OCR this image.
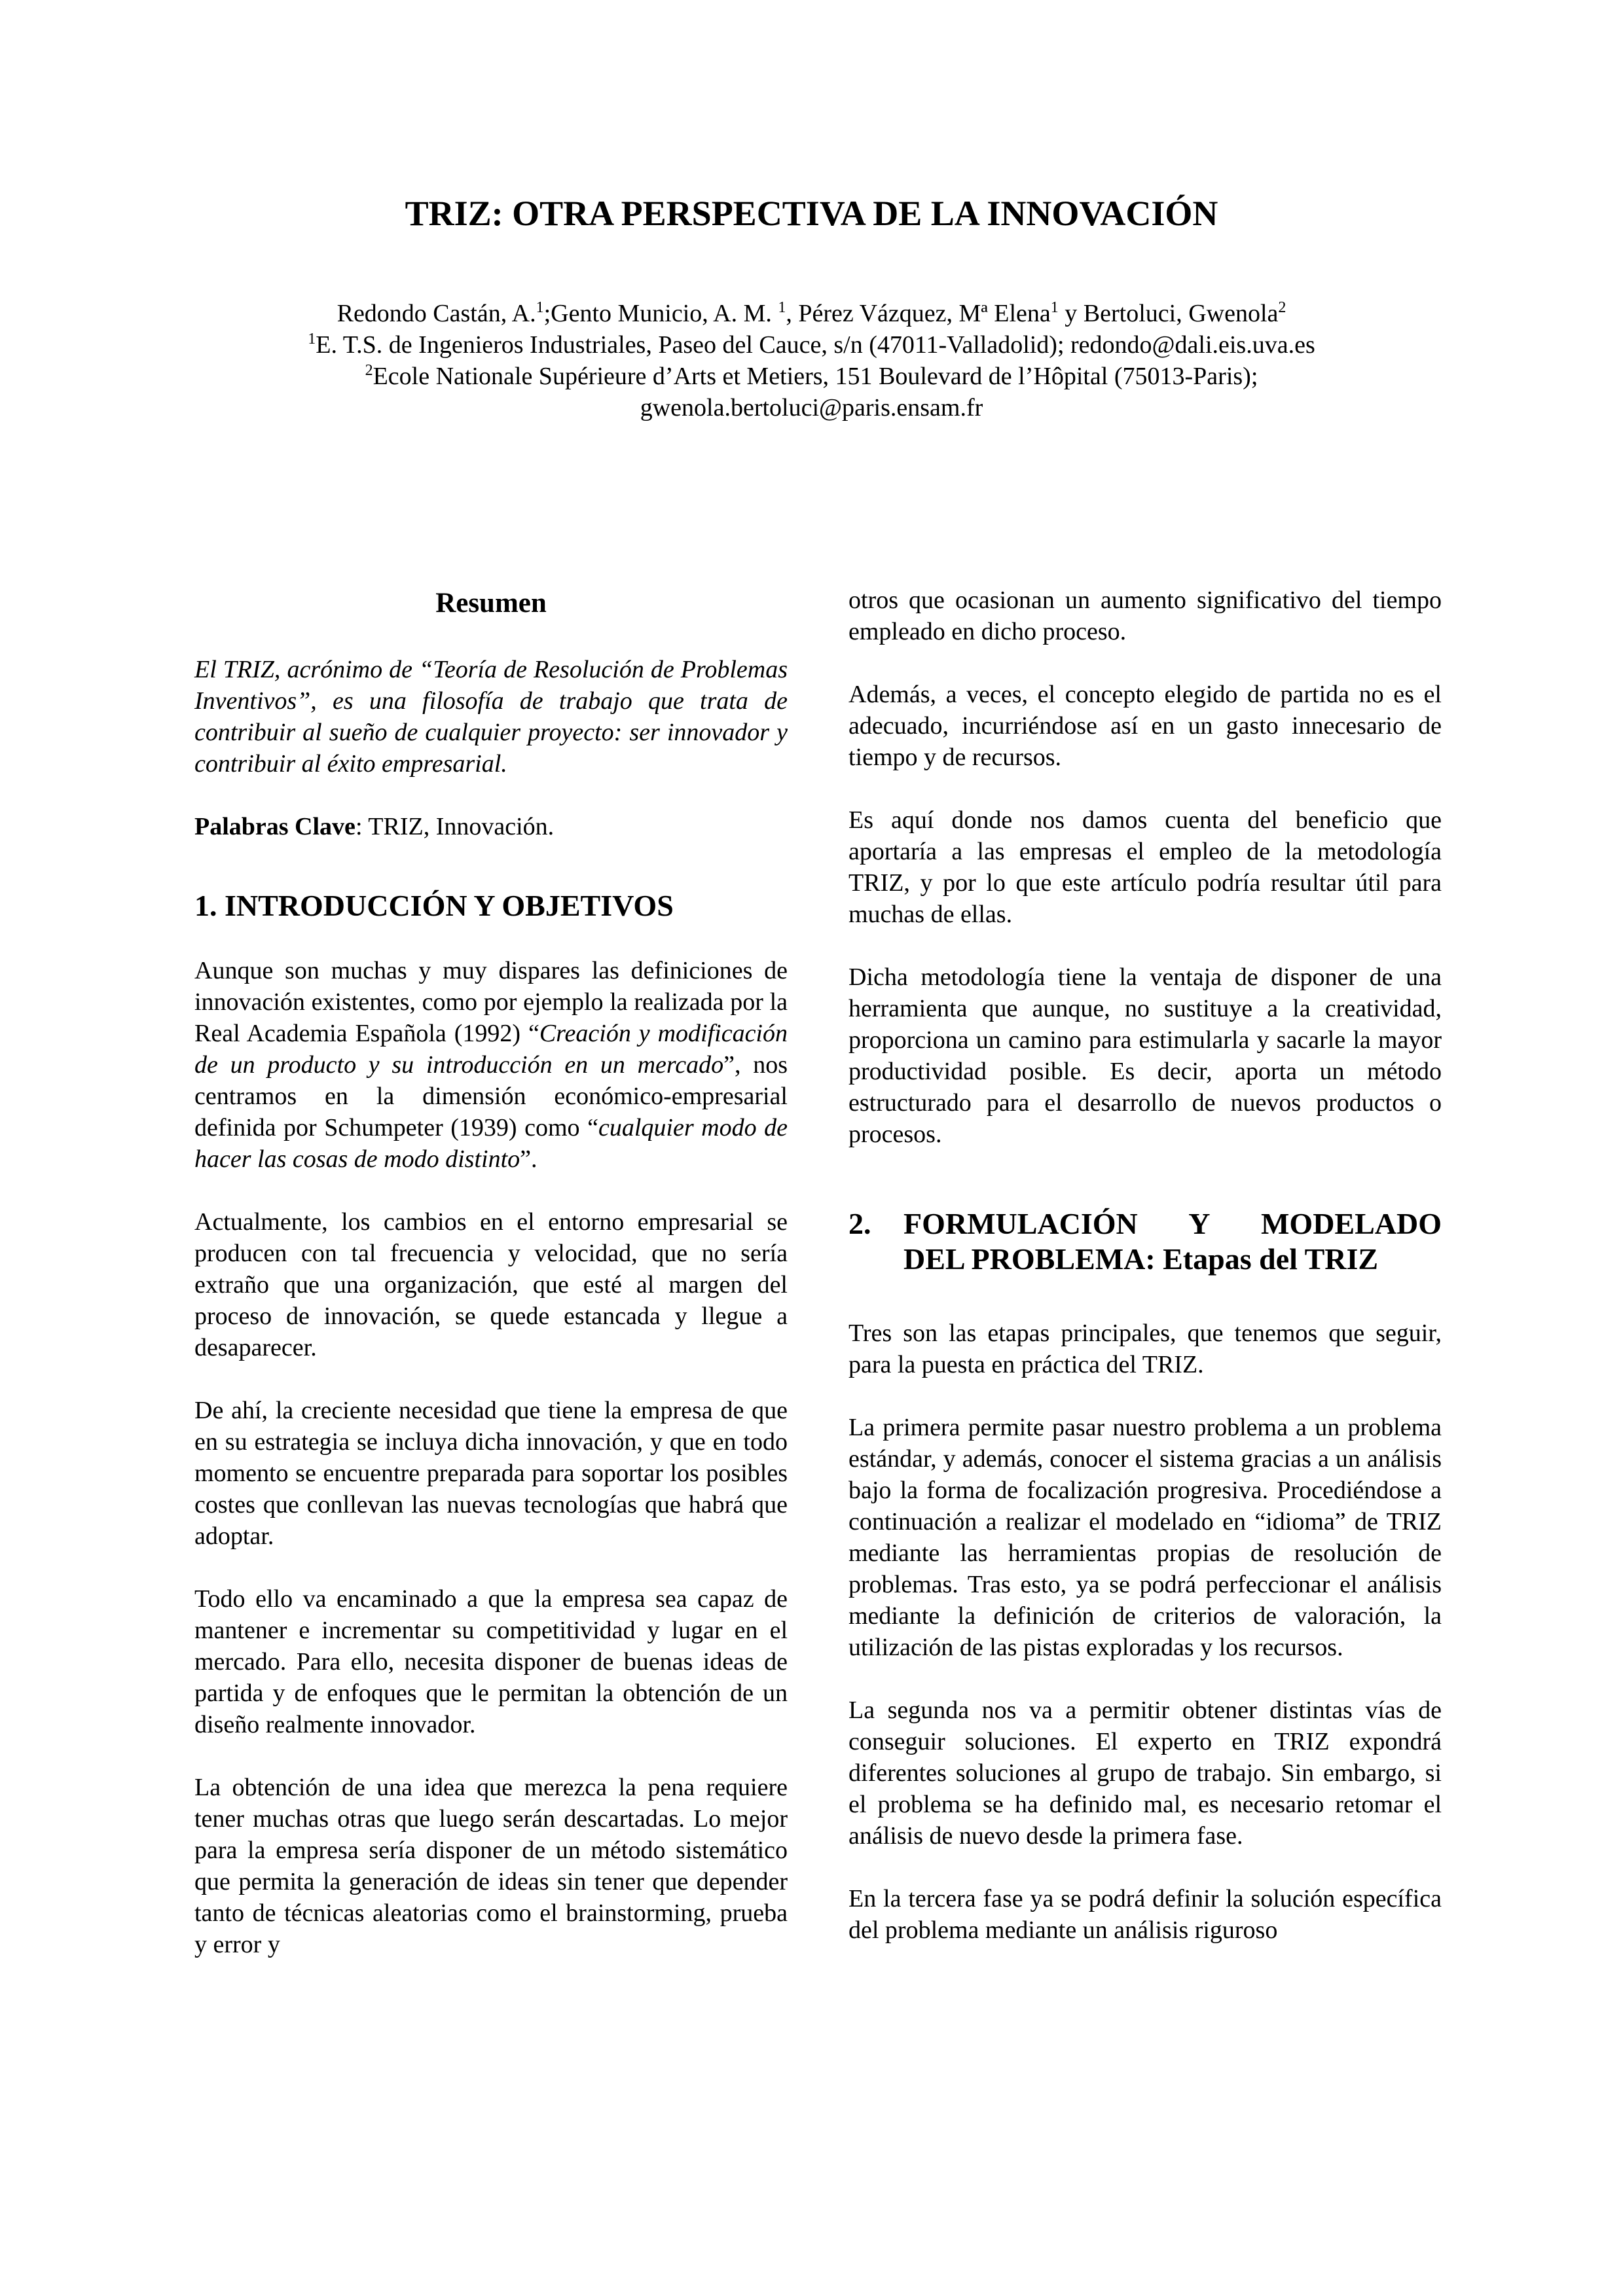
TRIZ: OTRA PERSPECTIVA DE LA INNOVACIÓN
Redondo Castán, A.$^1$;Gento Municio, A. M. $^1$, Pérez Vázquez, Mª Elena$^1$ y Bertoluci, Gwenola$^2$
$^1$E. T.S. de Ingenieros Industriales, Paseo del Cauce, s/n (47011-Valladolid); redondo@dali.eis.uva.es
$^2$Ecole Nationale Supérieure d’Arts et Metiers, 151 Boulevard de l’Hôpital (75013-Paris);
gwenola.bertoluci@paris.ensam.fr
Resumen

El TRIZ, acrónimo de “Teoría de Resolución de Problemas Inventivos”, es una filosofía de trabajo que trata de contribuir al sueño de cualquier proyecto: ser innovador y contribuir al éxito empresarial.

Palabras Clave: TRIZ, Innovación.

1. INTRODUCCIÓN Y OBJETIVOS

Aunque son muchas y muy dispares las definiciones de innovación existentes, como por ejemplo la realizada por la Real Academia Española (1992) “Creación y modificación de un producto y su introducción en un mercado”, nos centramos en la dimensión económico-empresarial definida por Schumpeter (1939) como “cualquier modo de hacer las cosas de modo distinto”.

Actualmente, los cambios en el entorno empresarial se producen con tal frecuencia y velocidad, que no sería extraño que una organización, que esté al margen del proceso de innovación, se quede estancada y llegue a desaparecer.

De ahí, la creciente necesidad que tiene la empresa de que en su estrategia se incluya dicha innovación, y que en todo momento se encuentre preparada para soportar los posibles costes que conllevan las nuevas tecnologías que habrá que adoptar.

Todo ello va encaminado a que la empresa sea capaz de mantener e incrementar su competitividad y lugar en el mercado. Para ello, necesita disponer de buenas ideas de partida y de enfoques que le permitan la obtención de un diseño realmente innovador.

La obtención de una idea que merezca la pena requiere tener muchas otras que luego serán descartadas. Lo mejor para la empresa sería disponer de un método sistemático que permita la generación de ideas sin tener que depender tanto de técnicas aleatorias como el brainstorming, prueba y error y

otros que ocasionan un aumento significativo del tiempo empleado en dicho proceso.

Además, a veces, el concepto elegido de partida no es el adecuado, incurriéndose así en un gasto innecesario de tiempo y de recursos.

Es aquí donde nos damos cuenta del beneficio que aportaría a las empresas el empleo de la metodología TRIZ, y por lo que este artículo podría resultar útil para muchas de ellas.

Dicha metodología tiene la ventaja de disponer de una herramienta que aunque, no sustituye a la creatividad, proporciona un camino para estimularla y sacarle la mayor productividad posible. Es decir, aporta un método estructurado para el desarrollo de nuevos productos o procesos.

2.	FORMULACIÓN Y MODELADO
DEL PROBLEMA: Etapas del TRIZ

Tres son las etapas principales, que tenemos que seguir, para la puesta en práctica del TRIZ.

La primera permite pasar nuestro problema a un problema estándar, y además, conocer el sistema gracias a un análisis bajo la forma de focalización progresiva. Procediéndose a continuación a realizar el modelado en “idioma” de TRIZ mediante las herramientas propias de resolución de problemas. Tras esto, ya se podrá perfeccionar el análisis mediante la definición de criterios de valoración, la utilización de las pistas exploradas y los recursos.

La segunda nos va a permitir obtener distintas vías de conseguir soluciones. El experto en TRIZ expondrá diferentes soluciones al grupo de trabajo. Sin embargo, si el problema se ha definido mal, es necesario retomar el análisis de nuevo desde la primera fase.

En la tercera fase ya se podrá definir la solución específica del problema mediante un análisis riguroso
